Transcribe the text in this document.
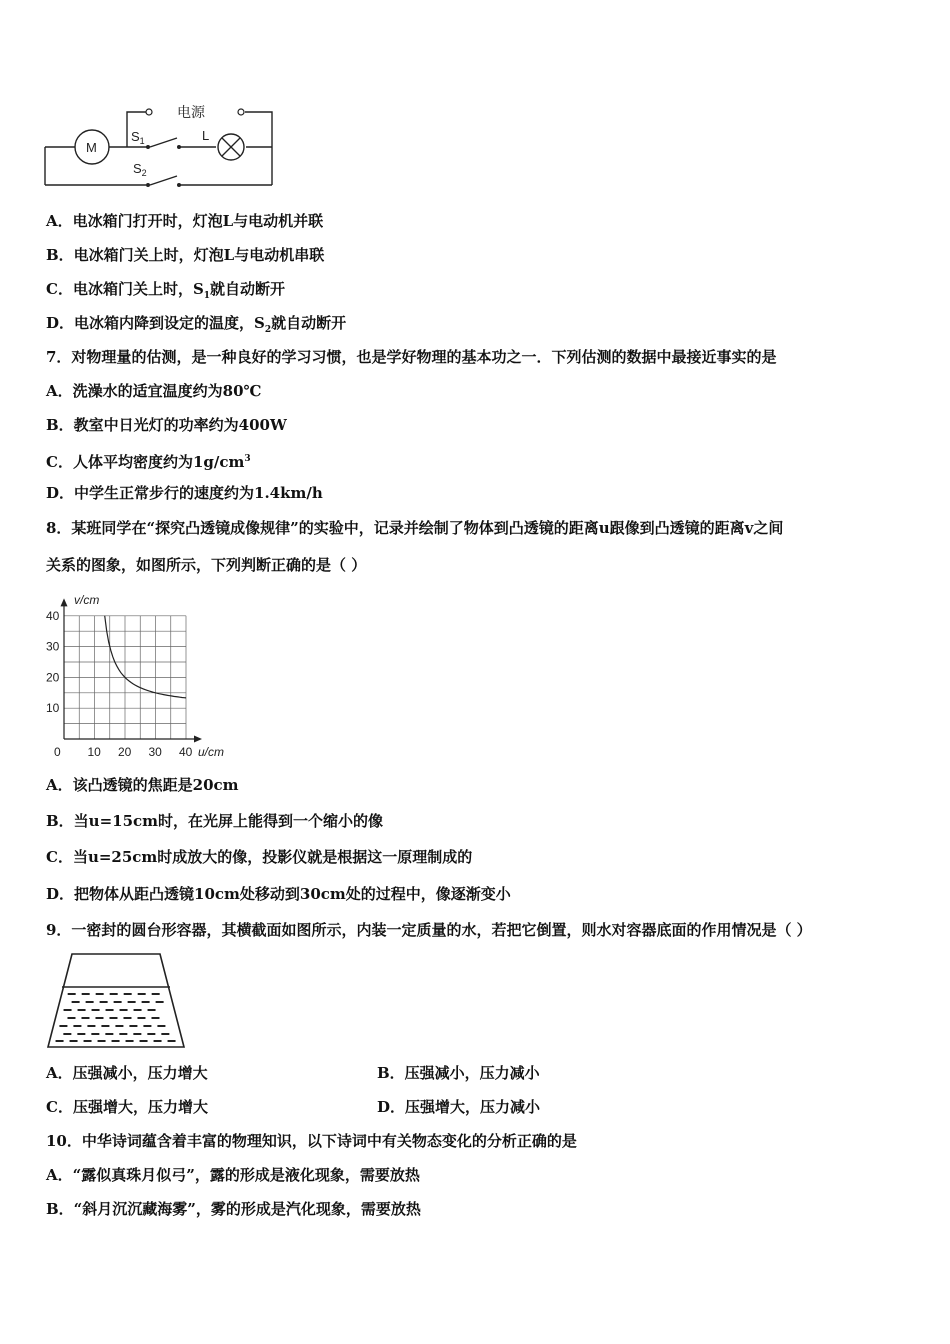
电源
M
$S_1$	L
$S_2$
A．电冰箱门打开时，灯泡L与电动机并联
B．电冰箱门关上时，灯泡L与电动机串联
C．电冰箱门关上时，$S_1$就自动断开
D．电冰箱内降到设定的温度，$S_2$就自动断开
7．对物理量的估测，是一种良好的学习习惯，也是学好物理的基本功之一．下列估测的数据中最接近事实的是
A．洗澡水的适宜温度约为80℃
B．教室中日光灯的功率约为400W
C．人体平均密度约为$1g/cm^3$
D．中学生正常步行的速度约为1.4km/h
8．某班同学在“探究凸透镜成像规律”的实验中，记录并绘制了物体到凸透镜的距离u跟像到凸透镜的距离v之间
关系的图象，如图所示，下列判断正确的是（ ）
v/cm
u/cm
0 10 20 30 40
10
20
30
40
A．该凸透镜的焦距是20cm
B．当u=15cm时，在光屏上能得到一个缩小的像
C．当u=25cm时成放大的像，投影仪就是根据这一原理制成的
D．把物体从距凸透镜10cm处移动到30cm处的过程中，像逐渐变小
9．一密封的圆台形容器，其横截面如图所示，内装一定质量的水，若把它倒置，则水对容器底面的作用情况是（ ）
A．压强减小，压力增大	B．压强减小，压力减小
C．压强增大，压力增大	D．压强增大，压力减小
10．中华诗词蕴含着丰富的物理知识，以下诗词中有关物态变化的分析正确的是
A．“露似真珠月似弓”，露的形成是液化现象，需要放热
B．“斜月沉沉藏海雾”，雾的形成是汽化现象，需要放热
